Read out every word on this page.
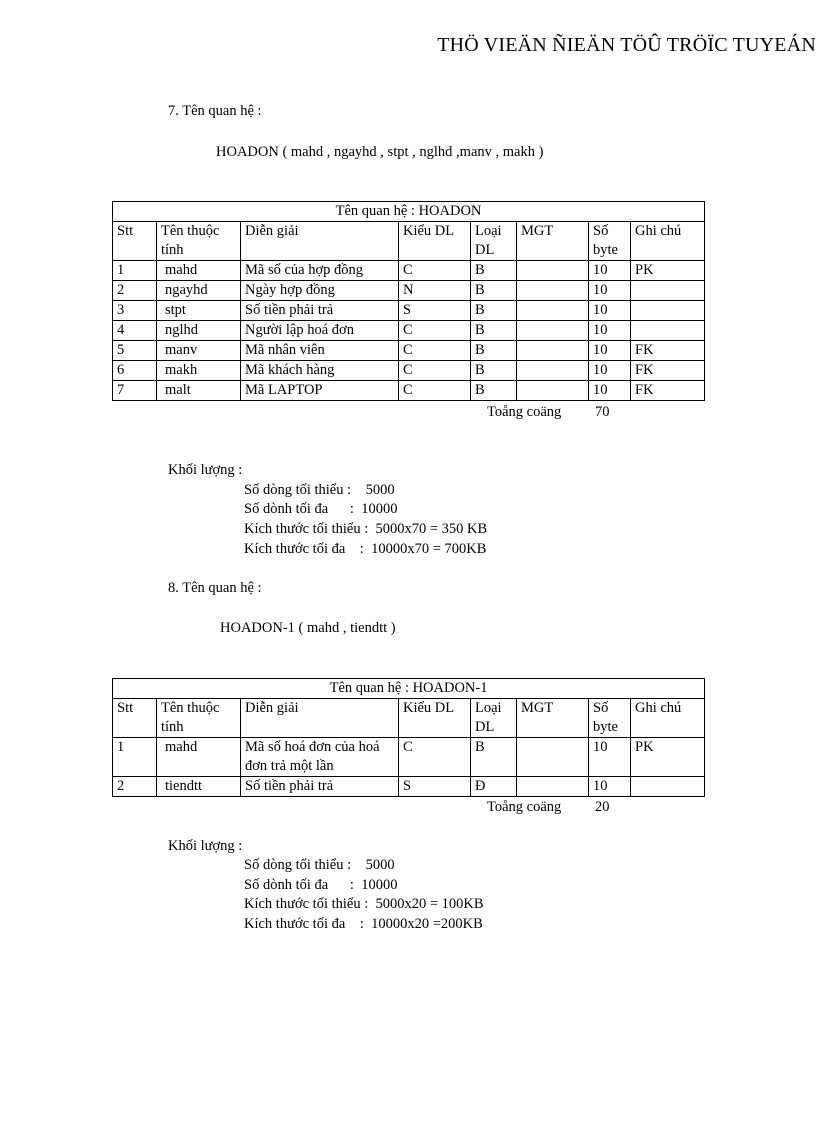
THÖ VIEÄN ÑIEÄN TÖÛ TRÖÏC TUYEÁN
7. Tên quan hệ :
HOADON ( mahd , ngayhd , stpt , nglhd ,manv , makh )
Tên quan hệ : HOADON							
Stt	Tên thuộc tính	Diễn giải	Kiểu DL	Loại DL	MGT	Số byte	Ghi chú
1	mahd	Mã số của hợp đồng	C	B		10	PK
2	ngayhd	Ngày hợp đồng	N	B		10	
3	stpt	Số tiền phải trả	S	B		10	
4	nglhd	Người lập hoá đơn	C	B		10	
5	manv	Mã nhân viên	C	B		10	FK
6	makh	Mã khách hàng	C	B		10	FK
7	malt	Mã LAPTOP	C	B		10	FK
Toång coäng 70
Khối lượng :
Số dòng tối thiểu :    5000
Số dònh tối đa      :  10000
Kích thước tối thiểu :  5000x70 = 350 KB
Kích thước tối đa    :  10000x70 = 700KB
8. Tên quan hệ :
HOADON-1 ( mahd , tiendtt )
Tên quan hệ : HOADON-1							
Stt	Tên thuộc tính	Diễn giải	Kiểu DL	Loại DL	MGT	Số byte	Ghi chú
1	mahd	Mã số hoá đơn của hoá đơn trả một lần	C	B		10	PK
2	tiendtt	Số tiền phải trả	S	Đ		10	
Toång coäng 20
Khối lượng :
Số dòng tối thiểu :    5000
Số dònh tối đa      :  10000
Kích thước tối thiểu :  5000x20 = 100KB
Kích thước tối đa    :  10000x20 =200KB
